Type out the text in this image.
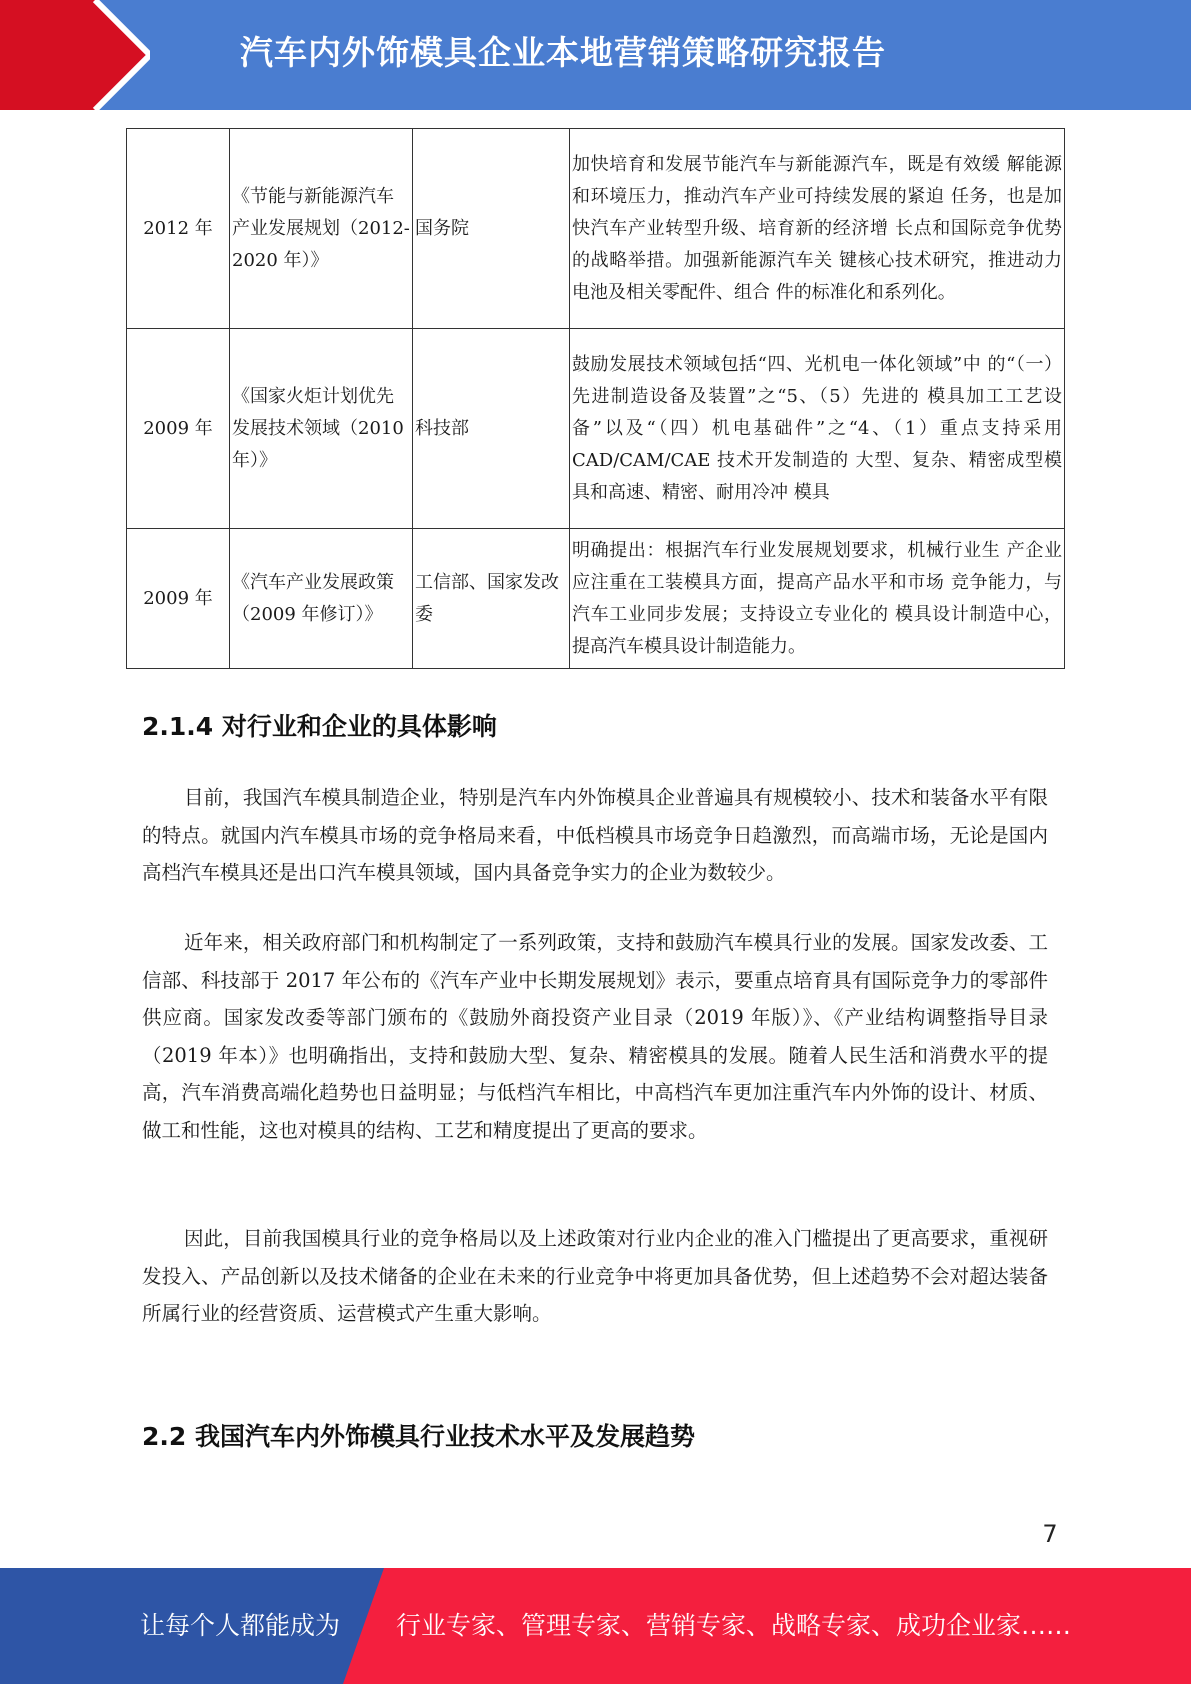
汽车内外饰模具企业本地营销策略研究报告
2012 年	《节能与新能源汽车产业发展规划（2012-2020 年）》	国务院	加快培育和发展节能汽车与新能源汽车，既是有效缓 解能源和环境压力，推动汽车产业可持续发展的紧迫 任务，也是加快汽车产业转型升级、培育新的经济增 长点和国际竞争优势的战略举措。加强新能源汽车关 键核心技术研究，推进动力电池及相关零配件、组合 件的标准化和系列化。
2009 年	《国家火炬计划优先发展技术领域（2010 年）》	科技部	鼓励发展技术领域包括“四、光机电一体化领域”中 的“（一）先进制造设备及装置”之“5、（5）先进的 模具加工工艺设备”以及“（四）机电基础件”之“4、（1）重点支持采用 CAD/CAM/CAE 技术开发制造的 大型、复杂、精密成型模具和高速、精密、耐用冷冲 模具
2009 年	《汽车产业发展政策（2009 年修订）》	工信部、国家发改委	明确提出：根据汽车行业发展规划要求，机械行业生 产企业应注重在工装模具方面，提高产品水平和市场 竞争能力，与汽车工业同步发展；支持设立专业化的 模具设计制造中心，提高汽车模具设计制造能力。
2.1.4 对行业和企业的具体影响

目前，我国汽车模具制造企业，特别是汽车内外饰模具企业普遍具有规模较小、技术和装备水平有限的特点。就国内汽车模具市场的竞争格局来看，中低档模具市场竞争日趋激烈，而高端市场，无论是国内高档汽车模具还是出口汽车模具领域，国内具备竞争实力的企业为数较少。

近年来，相关政府部门和机构制定了一系列政策，支持和鼓励汽车模具行业的发展。国家发改委、工信部、科技部于 2017 年公布的《汽车产业中长期发展规划》表示，要重点培育具有国际竞争力的零部件供应商。国家发改委等部门颁布的《鼓励外商投资产业目录（2019 年版）》、《产业结构调整指导目录（2019 年本）》也明确指出，支持和鼓励大型、复杂、精密模具的发展。随着人民生活和消费水平的提高，汽车消费高端化趋势也日益明显；与低档汽车相比，中高档汽车更加注重汽车内外饰的设计、材质、做工和性能，这也对模具的结构、工艺和精度提出了更高的要求。

因此，目前我国模具行业的竞争格局以及上述政策对行业内企业的准入门槛提出了更高要求，重视研发投入、产品创新以及技术储备的企业在未来的行业竞争中将更加具备优势，但上述趋势不会对超达装备所属行业的经营资质、运营模式产生重大影响。

2.2 我国汽车内外饰模具行业技术水平及发展趋势
7
让每个人都能成为 行业专家、管理专家、营销专家、战略专家、成功企业家……
